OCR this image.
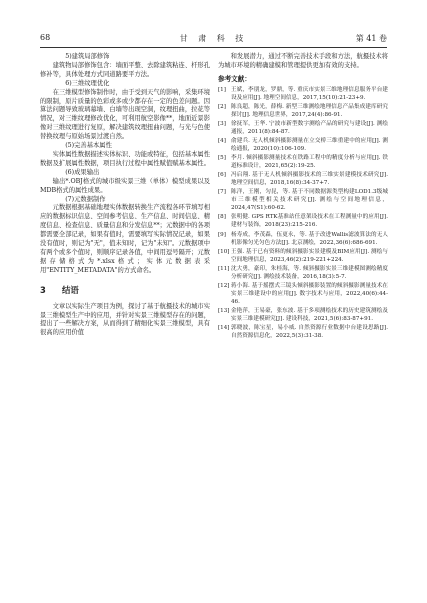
68	甘 肃 科 技	第 41 卷

5)建筑局部修饰

建筑物局部修饰包含：墙面平整、去除建筑粘连、杆形孔修补等，具体处理方式同道路要平方法。

6)三维纹理优化

在三维模型修饰制作时，由于受到天气的影响，采集环境的限制，原片质量的色彩或多或少都存在一定的色差问题。因算法问题导致玻璃幕墙、白墙等出现空洞，纹理扭曲，拉花等情况，对三维纹理修改优化，可利用航空影像**，地面近景影像对三维纹理进行复原，解决建筑纹理扭曲问题，与光与色使替换纹理与原始场景过渡自然。

(5)完善基本属性

实体属性数据描述实体标识、功能或特征，包括基本属性数据及扩展属性数据，项目执行过程中属性赋值赋基本属性。

(6)成果输出

输出*.OBJ格式的城市级实景三维（单体）模型成果以及MDB格式的属性成果。

(7)元数据制作

元数据根据基础地理实体数据转换生产流程各环节填写相应的数据标识信息、空间参考信息、生产信息、时间信息、精度信息、检查信息、质量信息和分发信息**；元数据中的各项都需要全部记录，如果有值时，需要填写实际情况记录，如果没有值时，则记为"无"，值未知时，记为"未知"。元数据项中有两个或多个值时，则顺序记录各值，中间用逗号隔开；元数据存储格式为*.xlsx格式；实体元数据表采用"ENTITY_METADATA"的方式命名。

3 结语

文章以实际生产项目为例，探讨了基于航摄技术的城市实景三维模型生产中的应用，并针对实景三维模型存在的问题，提出了一些解决方案，从而得到了精细化实景三维模型，具有很高的应用价值

和发展潜力，通过不断完善技术手段和方法，航摄技术将为城市环境的精确建模和管理提供更加有效的支持。

参考文献：
[1] 王斌，李朋龙，罗鼎，等. 重庆市实景三维地理信息服务平台建设及应用[J]. 地理空间信息，2017,15(10):21-23+9.
[2] 陈良超，陈光，薛梅. 新型三维测绘地理信息产品集成建库研究探讨[J]. 地理信息世界，2017,24(4):86-91.
[3] 徐抚军，王华. 宁波市新型数字测绘产品的研究与建设[J]. 测绘通报，2011(8):84-87.
[4] 俞建兵. 无人机倾斜摄影测量在立交桥三维重建中的应用[J]. 测绘通报，2020(10):106-109.
[5] 李月. 倾斜摄影测量技术在铁路工程中的精度分析与应用[J]. 铁道标准设计，2021,65(2):19-25.
[6] 冯启翔. 基于无人机倾斜摄影技术的三维实景建模技术研究[J]. 地理空间信息，2018,16(8):34-37+7.
[7] 陈洋，王刚，匀昆，等. 基于不同数据源类型构建LOD1.3级城市三维模型相关技术研究[J]. 测绘与空间地理信息，2024,47(S1):60-62.
[8] 张明健. GPS RTK基准站任意架设技术在工程测量中的应用[J]. 建材与装饰，2018(23):215-216.
[9] 杨寿成，李茂森，伍更永，等. 基于改进Wallis滤波算法的无人机影像匀光匀色方法[J]. 北京测绘，2022,36(6):686-691.
[10] 王强. 基于已有资料的倾斜摄影实景建模及BIM应用[J]. 测绘与空间地理信息，2023,46(2):219-221+224.
[11] 沈大勇，豪印，朱桂海，等. 倾斜摄影实景三维建模图测绘精度分析研究[J]. 测绘技术装备，2016,18(3):5-7.
[12] 蒋小海. 基于摇摆式三镜头倾斜摄影装置的倾斜摄影测量技术在实景三维建设中的应用[J]. 数字技术与应用，2022,40(6):44-46.
[13] 金艳萍，王易豪，张东波. 基于多项测绘技术的历史建筑测绘及实景三维建模研究[J]. 建设科技，2021,5(6):83-87+91.
[14] 郭晓波，陈宝星，易小威. 自然资源行业数据中台建设思路[J]. 自然资源信息化，2022,5(3):31-38.
